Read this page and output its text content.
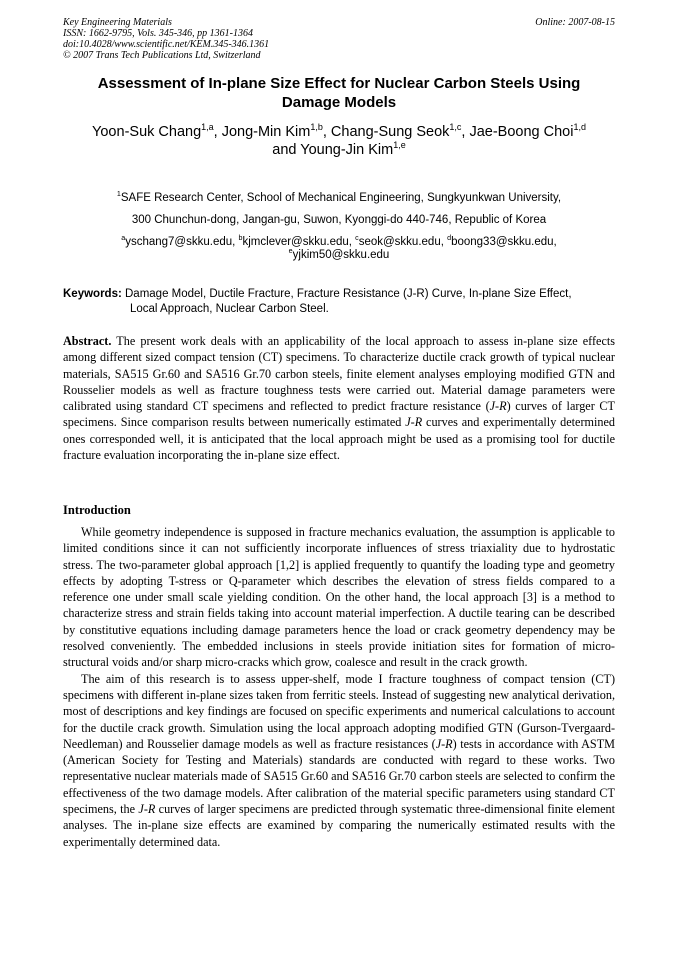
Key Engineering Materials
ISSN: 1662-9795, Vols. 345-346, pp 1361-1364
doi:10.4028/www.scientific.net/KEM.345-346.1361
© 2007 Trans Tech Publications Ltd, Switzerland
Online: 2007-08-15
Assessment of In-plane Size Effect for Nuclear Carbon Steels Using
Damage Models
Yoon-Suk Chang$^{1,a}$, Jong-Min Kim$^{1,b}$, Chang-Sung Seok$^{1,c}$, Jae-Boong Choi$^{1,d}$
and Young-Jin Kim$^{1,e}$
$^1$SAFE Research Center, School of Mechanical Engineering, Sungkyunkwan University,
300 Chunchun-dong, Jangan-gu, Suwon, Kyonggi-do 440-746, Republic of Korea
$^a$yschang7@skku.edu, $^b$kjmclever@skku.edu, $^c$seok@skku.edu, $^d$boong33@skku.edu,
$^e$yjkim50@skku.edu
Keywords:
Damage Model, Ductile Fracture, Fracture Resistance (J-R) Curve, In-plane Size Effect,
Local Approach, Nuclear Carbon Steel.
Abstract. The present work deals with an applicability of the local approach to assess in-plane size effects among different sized compact tension (CT) specimens. To characterize ductile crack growth of typical nuclear materials, SA515 Gr.60 and SA516 Gr.70 carbon steels, finite element analyses employing modified GTN and Rousselier models as well as fracture toughness tests were carried out. Material damage parameters were calibrated using standard CT specimens and reflected to predict fracture resistance (J-R) curves of larger CT specimens. Since comparison results between numerically estimated J-R curves and experimentally determined ones corresponded well, it is anticipated that the local approach might be used as a promising tool for ductile fracture evaluation incorporating the in-plane size effect.
Introduction

While geometry independence is supposed in fracture mechanics evaluation, the assumption is applicable to limited conditions since it can not sufficiently incorporate influences of stress triaxiality due to hydrostatic stress. The two-parameter global approach [1,2] is applied frequently to quantify the loading type and geometry effects by adopting T-stress or Q-parameter which describes the elevation of stress fields compared to a reference one under small scale yielding condition. On the other hand, the local approach [3] is a method to characterize stress and strain fields taking into account material imperfection. A ductile tearing can be described by constitutive equations including damage parameters hence the load or crack geometry dependency may be resolved conveniently. The embedded inclusions in steels provide initiation sites for formation of micro-structural voids and/or sharp micro-cracks which grow, coalesce and result in the crack growth.

The aim of this research is to assess upper-shelf, mode I fracture toughness of compact tension (CT) specimens with different in-plane sizes taken from ferritic steels. Instead of suggesting new analytical derivation, most of descriptions and key findings are focused on specific experiments and numerical calculations to account for the ductile crack growth. Simulation using the local approach adopting modified GTN (Gurson-Tvergaard-Needleman) and Rousselier damage models as well as fracture resistances (J-R) tests in accordance with ASTM (American Society for Testing and Materials) standards are conducted with regard to these works. Two representative nuclear materials made of SA515 Gr.60 and SA516 Gr.70 carbon steels are selected to confirm the effectiveness of the two damage models. After calibration of the material specific parameters using standard CT specimens, the J-R curves of larger specimens are predicted through systematic three-dimensional finite element analyses. The in-plane size effects are examined by comparing the numerically estimated results with the experimentally determined data.
